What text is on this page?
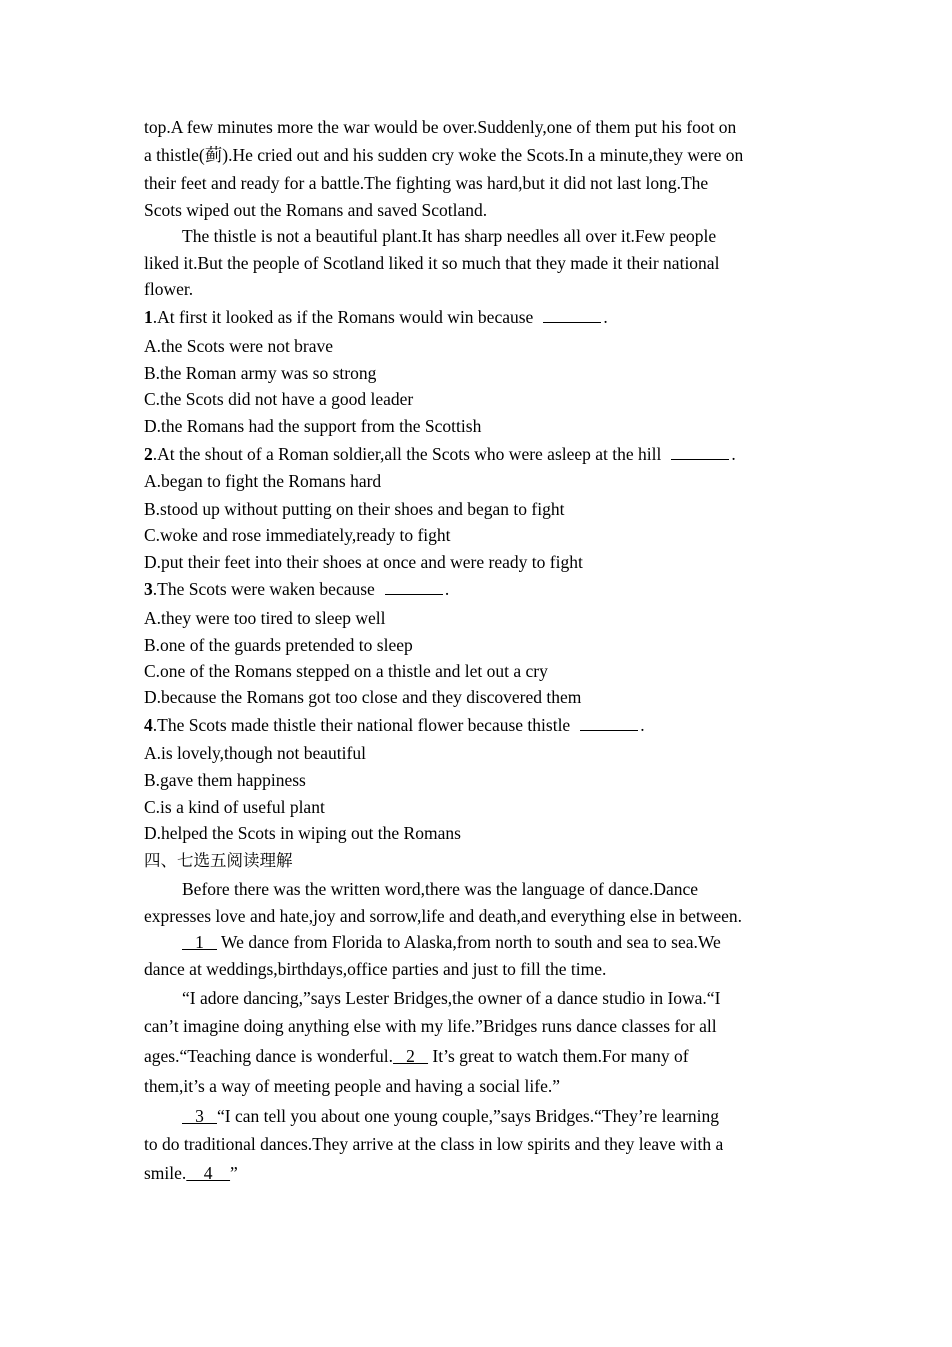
top.A few minutes more the war would be over.Suddenly,one of them put his foot on
a thistle(蓟).He cried out and his sudden cry woke the Scots.In a minute,they were on
their feet and ready for a battle.The fighting was hard,but it did not last long.The
Scots wiped out the Romans and saved Scotland.
The thistle is not a beautiful plant.It has sharp needles all over it.Few people
liked it.But the people of Scotland liked it so much that they made it their national
flower.
1.At first it looked as if the Romans would win because	.
A.the Scots were not brave
B.the Roman army was so strong
C.the Scots did not have a good leader
D.the Romans had the support from the Scottish
2.At the shout of a Roman soldier,all the Scots who were asleep at the hill	.
A.began to fight the Romans hard
B.stood up without putting on their shoes and began to fight
C.woke and rose immediately,ready to fight
D.put their feet into their shoes at once and were ready to fight
3.The Scots were waken because	.
A.they were too tired to sleep well
B.one of the guards pretended to sleep
C.one of the Romans stepped on a thistle and let out a cry
D.because the Romans got too close and they discovered them
4.The Scots made thistle their national flower because thistle	.
A.is lovely,though not beautiful
B.gave them happiness
C.is a kind of useful plant
D.helped the Scots in wiping out the Romans
四、七选五阅读理解
Before there was the written word,there was the language of dance.Dance
expresses love and hate,joy and sorrow,life and death,and everything else in between.
1    We dance from Florida to Alaska,from north to south and sea to sea.We
dance at weddings,birthdays,office parties and just to fill the time.
“I adore dancing,”says Lester Bridges,the owner of a dance studio in Iowa.“I
can’t imagine doing anything else with my life.”Bridges runs dance classes for all
ages.“Teaching dance is wonderful.   2    It’s great to watch them.For many of
them,it’s a way of meeting people and having a social life.”
3   “I can tell you about one young couple,”says Bridges.“They’re learning
to do traditional dances.They arrive at the class in low spirits and they leave with a
smile.    4    ”
